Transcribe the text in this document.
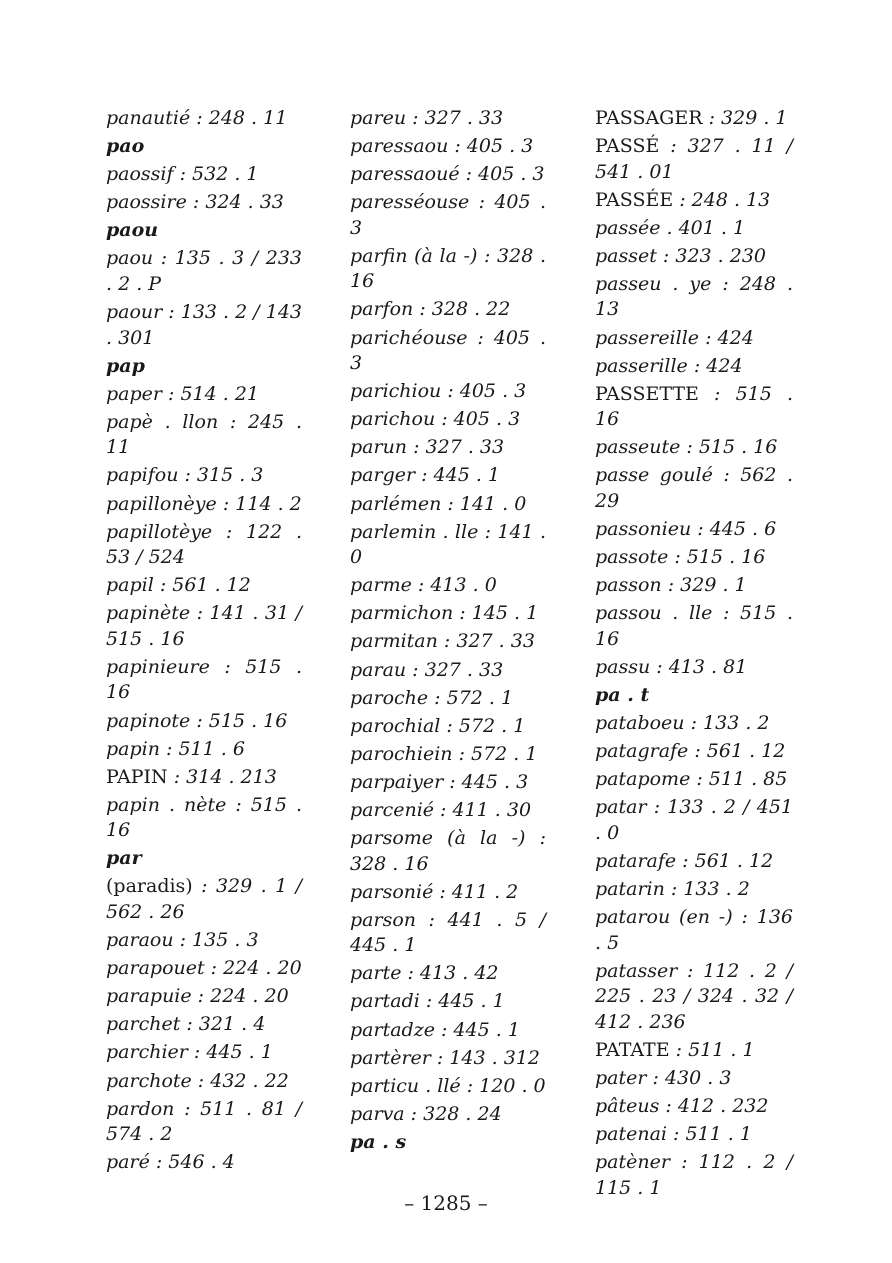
panautié : 248 . 11
pao
paossif : 532 . 1
paossire : 324 . 33
paou
paou : 135 . 3 / 233 . 2 . P
paour : 133 . 2 / 143 . 301
pap
paper : 514 . 21
papè . llon : 245 . 11
papifou : 315 . 3
papillonèye : 114 . 2
papillotèye : 122 . 53 / 524
papil : 561 . 12
papinète : 141 . 31 / 515 . 16
papinieure : 515 . 16
papinote : 515 . 16
papin : 511 . 6
PAPIN : 314 . 213
papin . nète : 515 . 16
par
(paradis) : 329 . 1 / 562 . 26
paraou : 135 . 3
parapouet : 224 . 20
parapuie : 224 . 20
parchet : 321 . 4
parchier : 445 . 1
parchote : 432 . 22
pardon : 511 . 81 / 574 . 2
paré : 546 . 4
pareu : 327 . 33
paressaou : 405 . 3
paressaoué : 405 . 3
paresséouse : 405 . 3
parfin (à la -) : 328 . 16
parfon : 328 . 22
parichéouse : 405 . 3
parichiou : 405 . 3
parichou : 405 . 3
parun : 327 . 33
parger : 445 . 1
parlémen : 141 . 0
parlemin . lle : 141 . 0
parme : 413 . 0
parmichon : 145 . 1
parmitan : 327 . 33
parau : 327 . 33
paroche : 572 . 1
parochial : 572 . 1
parochiein : 572 . 1
parpaiyer : 445 . 3
parcenié : 411 . 30
parsome (à la -) : 328 . 16
parsonié : 411 . 2
parson : 441 . 5 / 445 . 1
parte : 413 . 42
partadi : 445 . 1
partadze : 445 . 1
partèrer : 143 . 312
particu . llé : 120 . 0
parva : 328 . 24
pa . s
PASSAGER : 329 . 1
PASSÉ : 327 . 11 / 541 . 01
PASSÉE : 248 . 13
passée . 401 . 1
passet : 323 . 230
passeu . ye : 248 . 13
passereille : 424
passerille : 424
PASSETTE : 515 . 16
passeute : 515 . 16
passe goulé : 562 . 29
passonieu : 445 . 6
passote : 515 . 16
passon : 329 . 1
passou . lle : 515 . 16
passu : 413 . 81
pa . t
pataboeu : 133 . 2
patagrafe : 561 . 12
patapome : 511 . 85
patar : 133 . 2 / 451 . 0
patarafe : 561 . 12
patarin : 133 . 2
patarou (en -) : 136 . 5
patasser : 112 . 2 / 225 . 23 / 324 . 32 / 412 . 236
PATATE : 511 . 1
pater : 430 . 3
pâteus : 412 . 232
patenai : 511 . 1
patèner : 112 . 2 / 115 . 1
– 1285 –
